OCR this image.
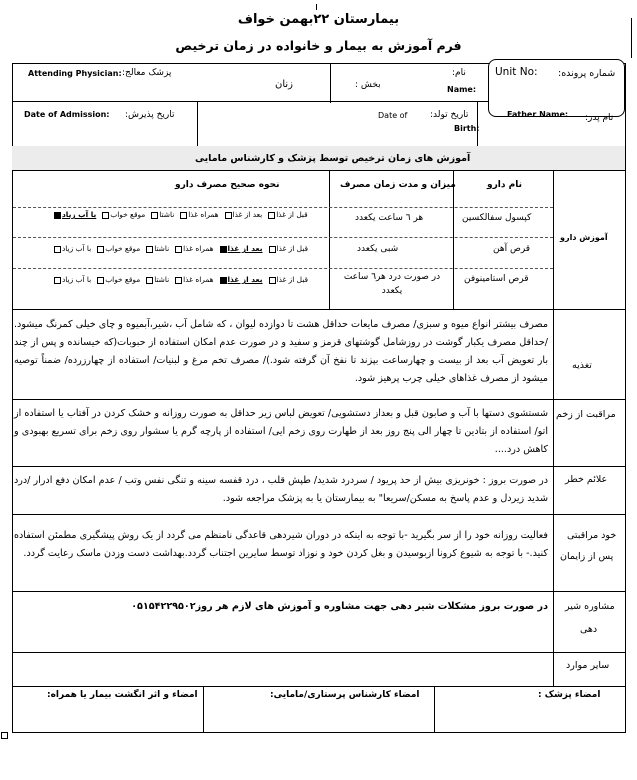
بیمارستان ۲۲بهمن خواف
فرم آموزش به بیمار و خانواده در زمان ترخیص
Unit No: شماره پرونده:
نام:
Name:
بخش :
زنان
پزشک معالج:
Attending Physician:
Father Name: نام پدر:
تاریخ تولد:
Birth:
Date of
تاریخ پذیرش:
Date of Admission:
آموزش های زمان ترخیص توسط پزشک و کارشناس مامایی
آموزش دارو
نام دارو
میزان و مدت زمان مصرف
نحوه صحیح مصرف دارو
کپسول سفالکسین
هر ٦ ساعت یکعدد
قبل از غذابعد از غذاهمراه غذاناشتاموقع خواببا آب زیاد
قرص آهن
شبی یکعدد
قبل از غذابعد از غذاهمراه غذاناشتاموقع خواببا آب زیاد
قرص استامینوفن
در صورت درد هر٦ ساعت یکعدد
قبل از غذابعد از غذاهمراه غذاناشتاموقع خواببا آب زیاد
تغذیه
مصرف بیشتر انواع میوه و سبزی/ مصرف مایعات حداقل هشت تا دوازده لیوان ، که شامل آب ،شیر،آبمیوه و چای خیلی کمرنگ میشود. /حداقل مصرف یکبار گوشت در روزشامل گوشتهای قرمز و سفید و در صورت عدم امکان استفاده از حبوبات(که خیسانده و پس از چند بار تعویض آب بعد از بیست و چهارساعت بپزند تا نفخ آن گرفته شود.)/ مصرف تخم مرغ و لبنیات/ استفاده از چهارزرده/ ضمناً توصیه میشود از مصرف غذاهای خیلی چرب پرهیز شود.
مراقبت از زخم
شستشوی دستها با آب و صابون قبل و بعداز دستشویی/ تعویض لباس زیر حداقل به صورت روزانه و خشک کردن در آفتاب یا استفاده از اتو/ استفاده از بتادین تا چهار الی پنج روز بعد از طهارت روی زخم ایی/ استفاده از پارچه گرم یا سشوار روی زخم برای تسریع بهبودی و کاهش درد....
علائم خطر
در صورت بروز : خونریزی بیش از حد پریود / سردرد شدید/ طپش قلب ، درد قفسه سینه و تنگی نفس وتب / عدم امکان دفع ادرار /درد شدید زیردل و عدم پاسخ به مسکن/سریعا" به بیمارستان یا به پزشک مراجعه شود.
خود مراقبتی
پس از زایمان
فعالیت روزانه خود را از سر بگیرید -با توجه به اینکه در دوران شیردهی قاعدگی نامنظم می گردد از یک روش پیشگیری مطمئن استفاده کنید.- با توجه به شیوع کرونا ازبوسیدن و بغل کردن خود و نوزاد توسط سایرین اجتناب گردد.بهداشت دست وزدن ماسک رعایت گردد.
مشاوره شیر
دهی
در صورت بروز مشکلات شیر دهی جهت مشاوره و آموزش های لازم هر روز۰۵۱۵۴۲۲۹۵۰۲
سایر موارد
امضاء پزشک :
امضاء کارشناس پرستاری/مامایی:
امضاء و اثر انگشت بیمار یا همراه:
